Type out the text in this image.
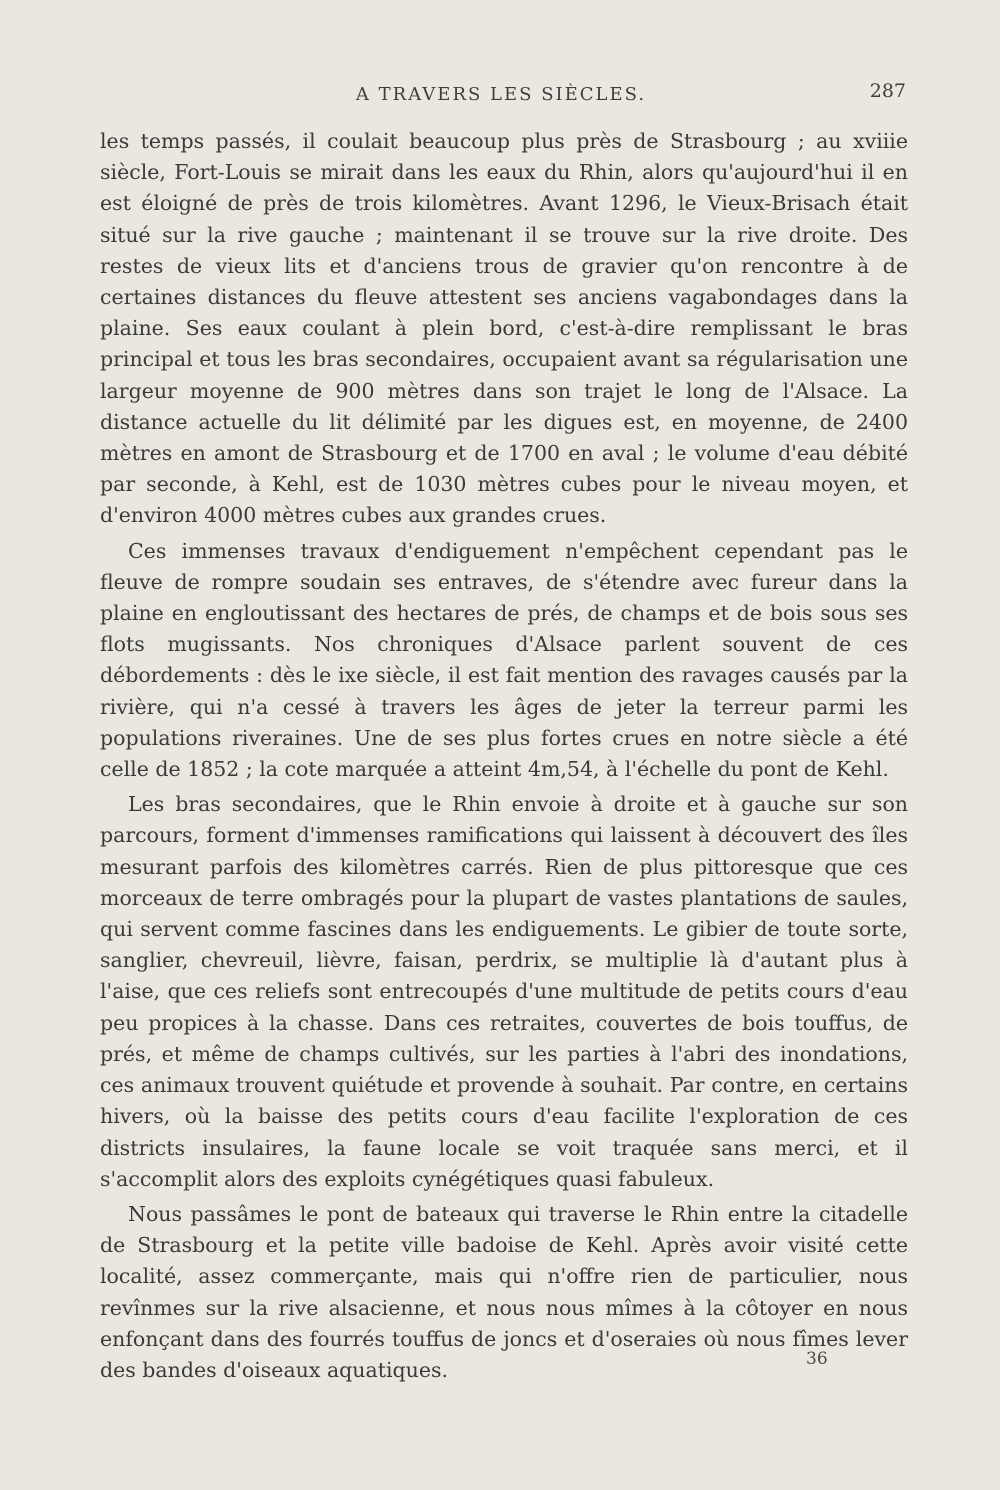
A TRAVERS LES SIÈCLES.	287

les temps passés, il coulait beaucoup plus près de Strasbourg ; au xviiie siècle, Fort-Louis se mirait dans les eaux du Rhin, alors qu'aujourd'hui il en est éloigné de près de trois kilomètres. Avant 1296, le Vieux-Brisach était situé sur la rive gauche ; maintenant il se trouve sur la rive droite. Des restes de vieux lits et d'anciens trous de gravier qu'on rencontre à de certaines distances du fleuve attestent ses anciens vagabondages dans la plaine. Ses eaux coulant à plein bord, c'est-à-dire remplissant le bras principal et tous les bras secondaires, occupaient avant sa régularisation une largeur moyenne de 900 mètres dans son trajet le long de l'Alsace. La distance actuelle du lit délimité par les digues est, en moyenne, de 2400 mètres en amont de Strasbourg et de 1700 en aval ; le volume d'eau débité par seconde, à Kehl, est de 1030 mètres cubes pour le niveau moyen, et d'environ 4000 mètres cubes aux grandes crues.

Ces immenses travaux d'endiguement n'empêchent cependant pas le fleuve de rompre soudain ses entraves, de s'étendre avec fureur dans la plaine en engloutissant des hectares de prés, de champs et de bois sous ses flots mugissants. Nos chroniques d'Alsace parlent souvent de ces débordements : dès le ixe siècle, il est fait mention des ravages causés par la rivière, qui n'a cessé à travers les âges de jeter la terreur parmi les populations riveraines. Une de ses plus fortes crues en notre siècle a été celle de 1852 ; la cote marquée a atteint 4m,54, à l'échelle du pont de Kehl.

Les bras secondaires, que le Rhin envoie à droite et à gauche sur son parcours, forment d'immenses ramifications qui laissent à découvert des îles mesurant parfois des kilomètres carrés. Rien de plus pittoresque que ces morceaux de terre ombragés pour la plupart de vastes plantations de saules, qui servent comme fascines dans les endiguements. Le gibier de toute sorte, sanglier, chevreuil, lièvre, faisan, perdrix, se multiplie là d'autant plus à l'aise, que ces reliefs sont entrecoupés d'une multitude de petits cours d'eau peu propices à la chasse. Dans ces retraites, couvertes de bois touffus, de prés, et même de champs cultivés, sur les parties à l'abri des inondations, ces animaux trouvent quiétude et provende à souhait. Par contre, en certains hivers, où la baisse des petits cours d'eau facilite l'exploration de ces districts insulaires, la faune locale se voit traquée sans merci, et il s'accomplit alors des exploits cynégétiques quasi fabuleux.

Nous passâmes le pont de bateaux qui traverse le Rhin entre la citadelle de Strasbourg et la petite ville badoise de Kehl. Après avoir visité cette localité, assez commerçante, mais qui n'offre rien de particulier, nous revînmes sur la rive alsacienne, et nous nous mîmes à la côtoyer en nous enfonçant dans des fourrés touffus de joncs et d'oseraies où nous fîmes lever des bandes d'oiseaux aquatiques.	36
